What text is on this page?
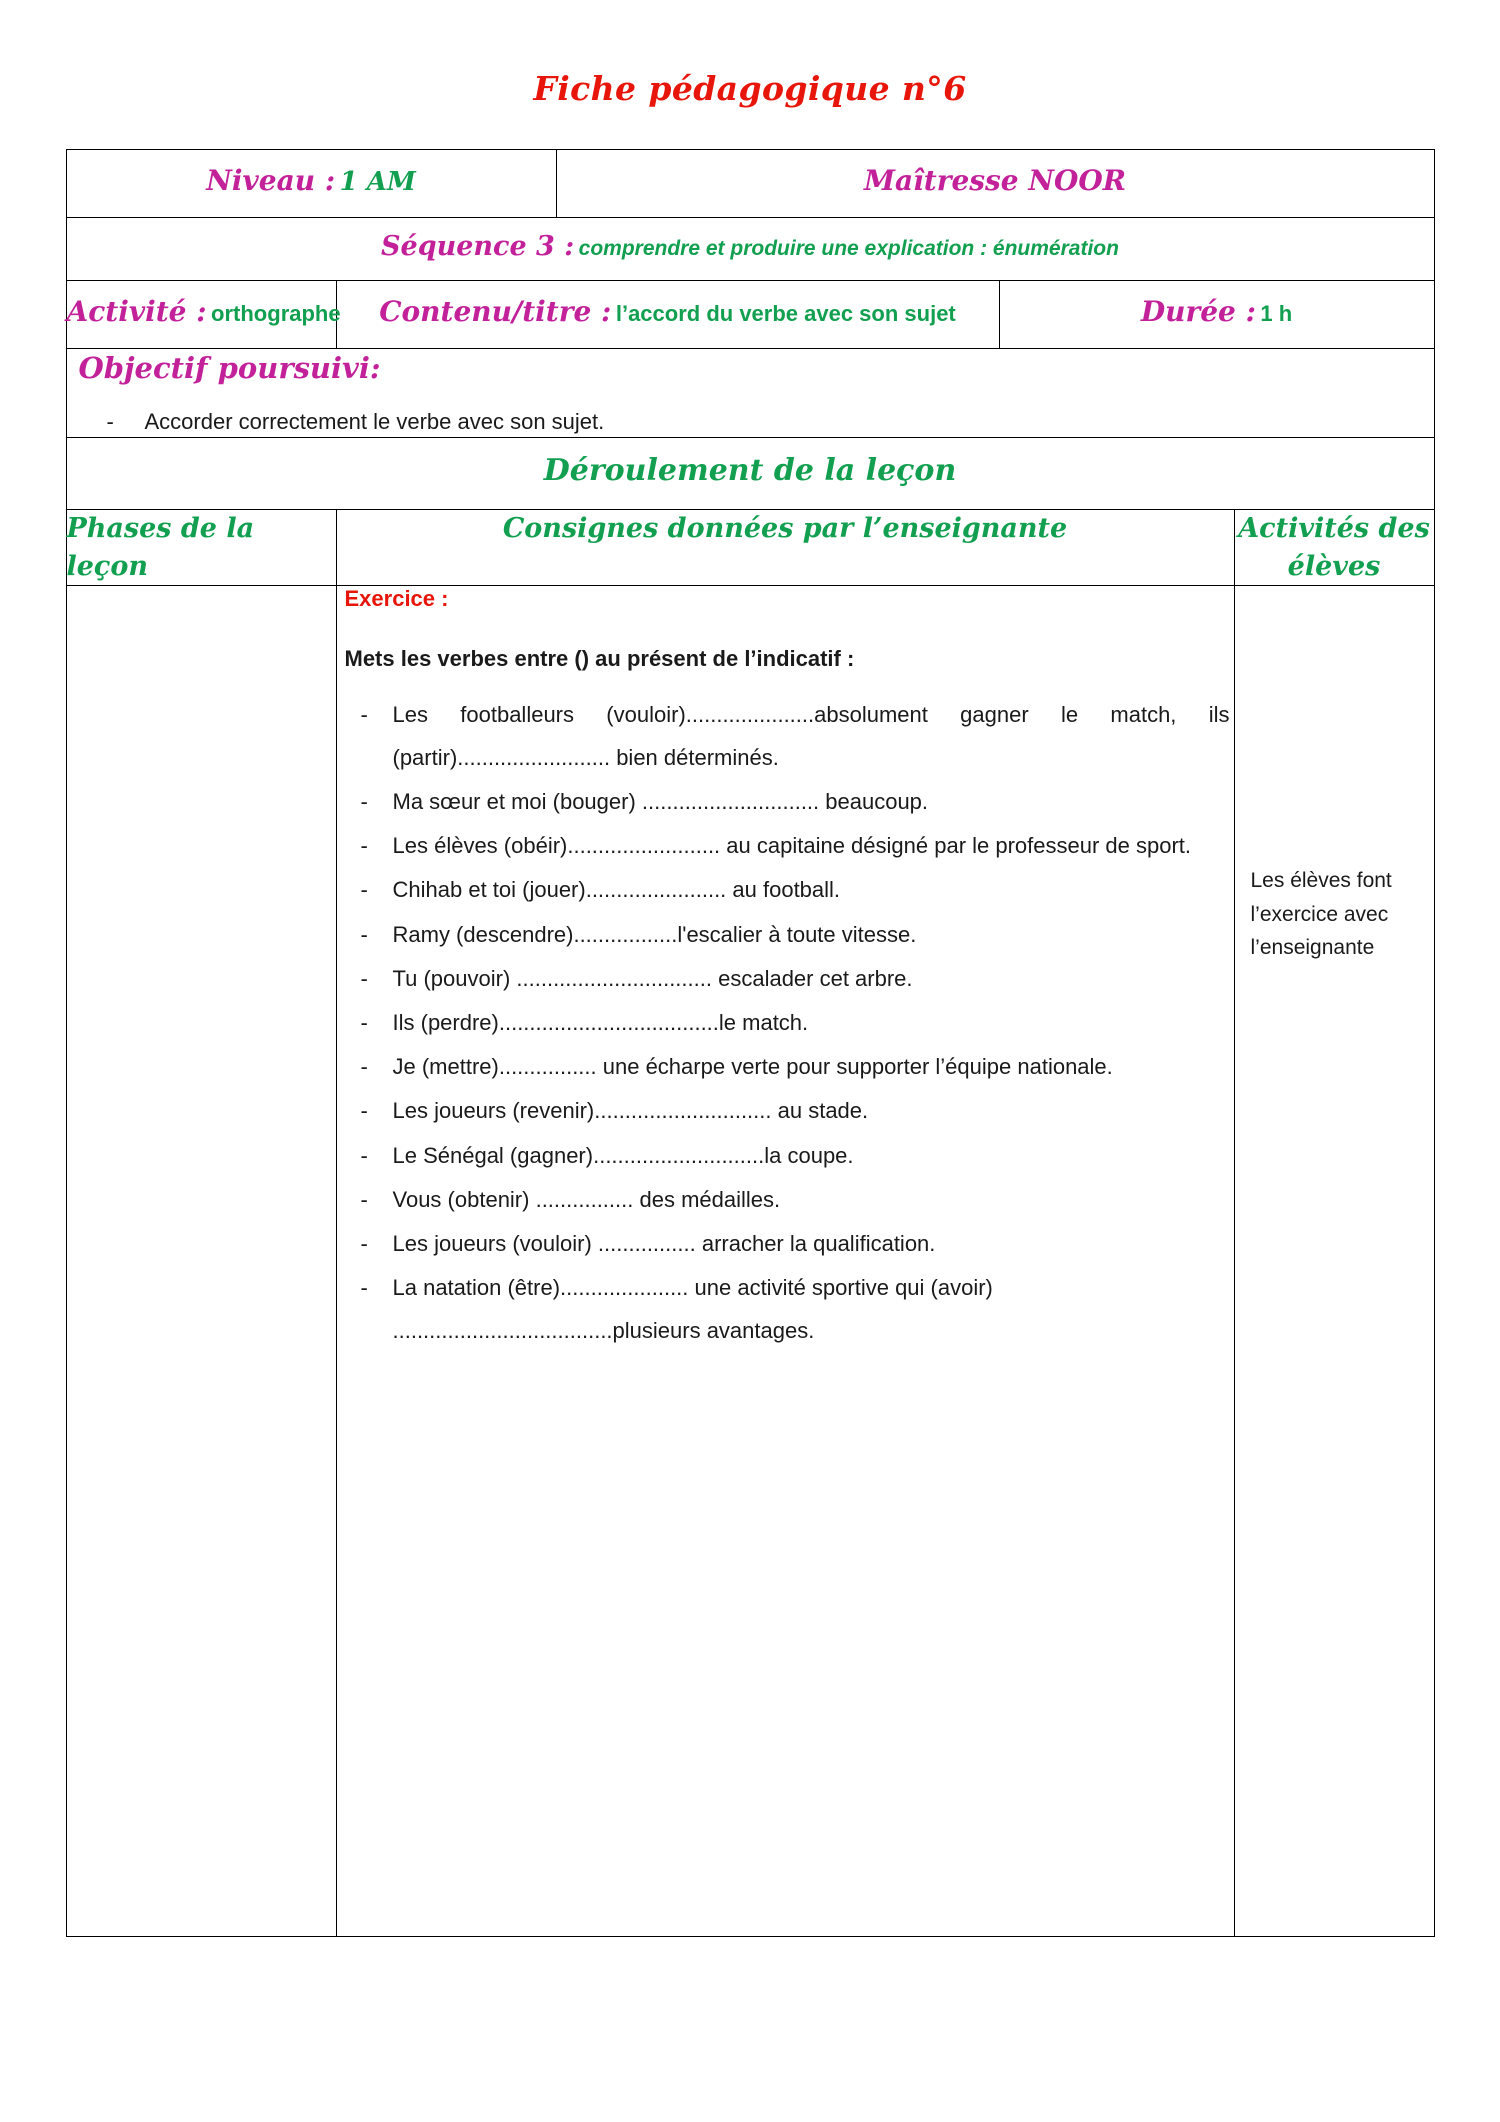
Fiche pédagogique n°6
Niveau : 1 AM		Maîtresse NOOR		
Séquence 3 : comprendre et produire une explication : énumération				
Activité : orthographe	Contenu/titre : l’accord du verbe avec son sujet		Durée : 1 h	

Objectif poursuivi:
- Accorder correctement le verbe avec son sujet.				

Déroulement de la leçon				
Phases de la leçon	Consignes données par l’enseignante			Activités des élèves

Exercice :
Mets les verbes entre () au présent de l’indicatif :
- Les footballeurs (vouloir).....................absolument gagner le match, ils (partir)......................... bien déterminés.
- Ma sœur et moi (bouger) ............................. beaucoup.
- Les élèves (obéir)......................... au capitaine désigné par le professeur de sport.
- Chihab et toi (jouer)....................... au football.
- Ramy (descendre).................l'escalier à toute vitesse.
- Tu (pouvoir) ................................ escalader cet arbre.
- Ils (perdre)....................................le match.
- Je (mettre)................ une écharpe verte pour supporter l’équipe nationale.
- Les joueurs (revenir)............................. au stade.
- Le Sénégal (gagner)............................la coupe.
- Vous (obtenir) ................ des médailles.
- Les joueurs (vouloir) ................ arracher la qualification.
- La natation (être)..................... une activité sportive qui (avoir) ....................................plusieurs avantages.

Les élèves font l’exercice avec l’enseignante
